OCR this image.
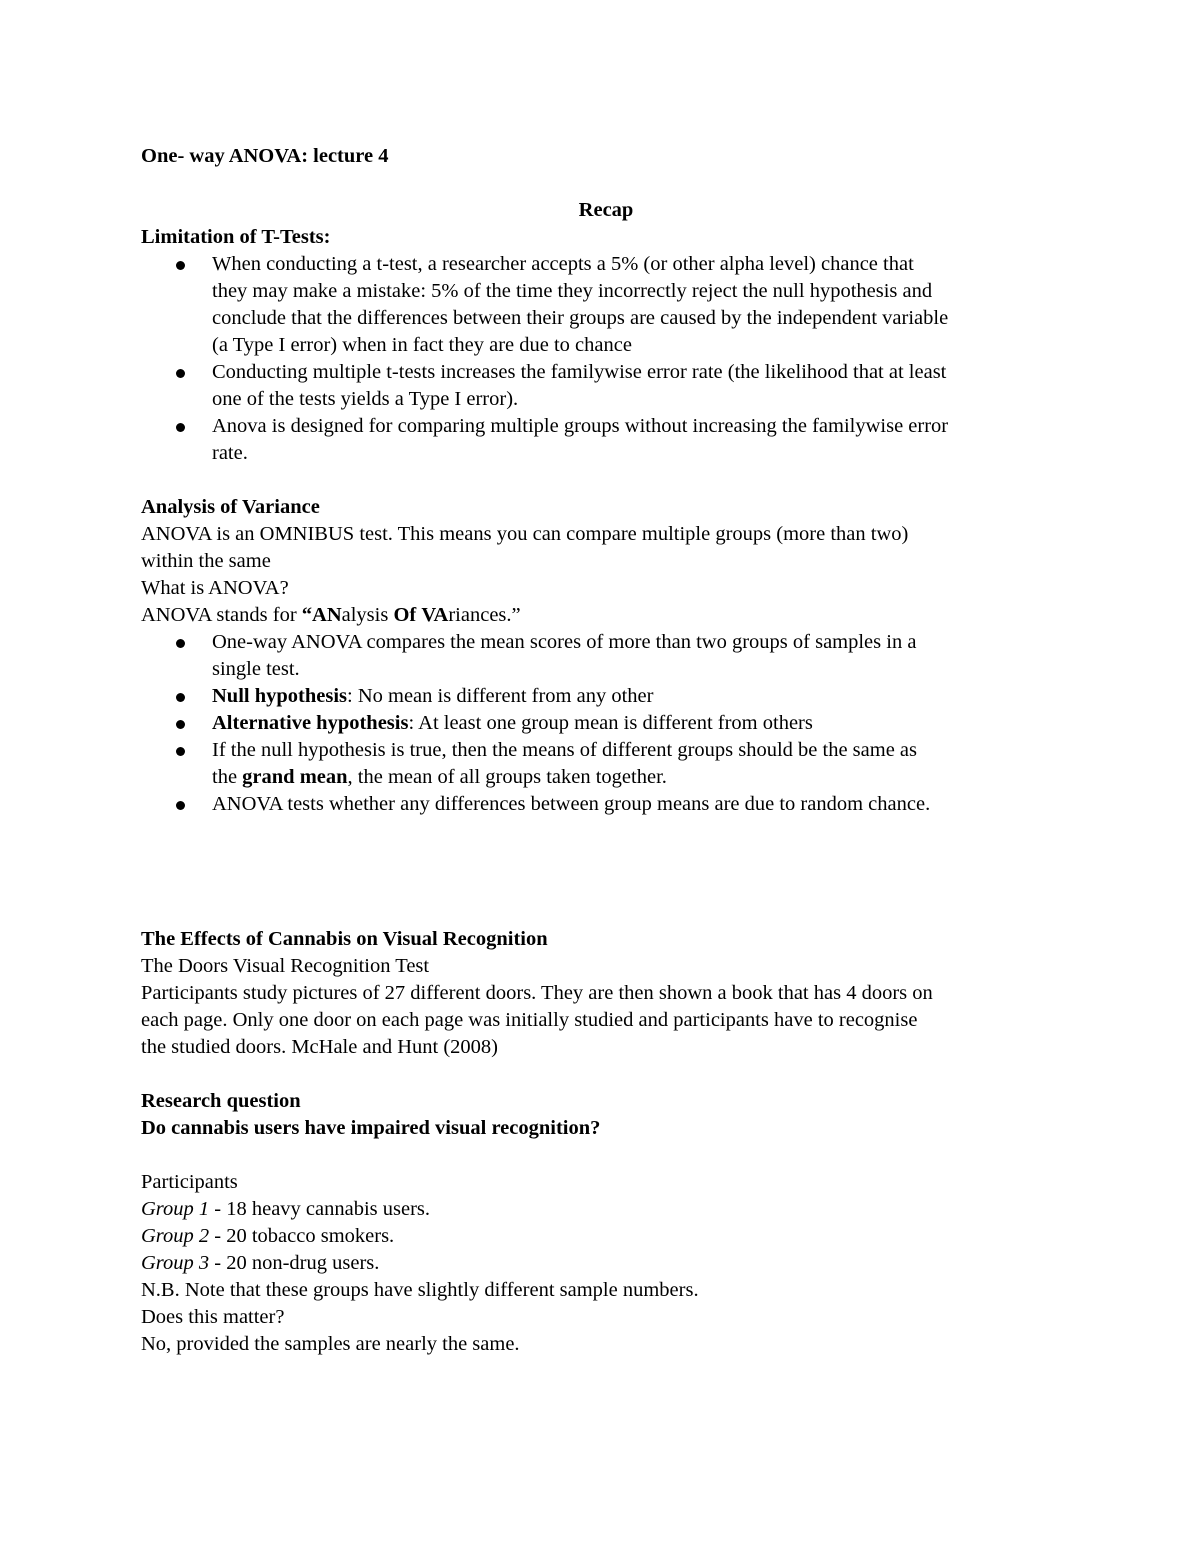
One- way ANOVA: lecture 4
Recap
Limitation of T-Tests:
When conducting a t-test, a researcher accepts a 5% (or other alpha level) chance that
they may make a mistake: 5% of the time they incorrectly reject the null hypothesis and
conclude that the differences between their groups are caused by the independent variable
(a Type I error) when in fact they are due to chance
Conducting multiple t-tests increases the familywise error rate (the likelihood that at least
one of the tests yields a Type I error).
Anova is designed for comparing multiple groups without increasing the familywise error
rate.
Analysis of Variance
ANOVA is an OMNIBUS test. This means you can compare multiple groups (more than two)
within the same
What is ANOVA?
ANOVA stands for “ANalysis Of VAriances.”
One-way ANOVA compares the mean scores of more than two groups of samples in a
single test.
Null hypothesis: No mean is different from any other
Alternative hypothesis: At least one group mean is different from others
If the null hypothesis is true, then the means of different groups should be the same as
the grand mean, the mean of all groups taken together.
ANOVA tests whether any differences between group means are due to random chance.
The Effects of Cannabis on Visual Recognition
The Doors Visual Recognition Test
Participants study pictures of 27 different doors. They are then shown a book that has 4 doors on
each page. Only one door on each page was initially studied and participants have to recognise
the studied doors. McHale and Hunt (2008)
Research question
Do cannabis users have impaired visual recognition?
Participants
Group 1 - 18 heavy cannabis users.
Group 2 - 20 tobacco smokers.
Group 3 - 20 non-drug users.
N.B. Note that these groups have slightly different sample numbers.
Does this matter?
No, provided the samples are nearly the same.
